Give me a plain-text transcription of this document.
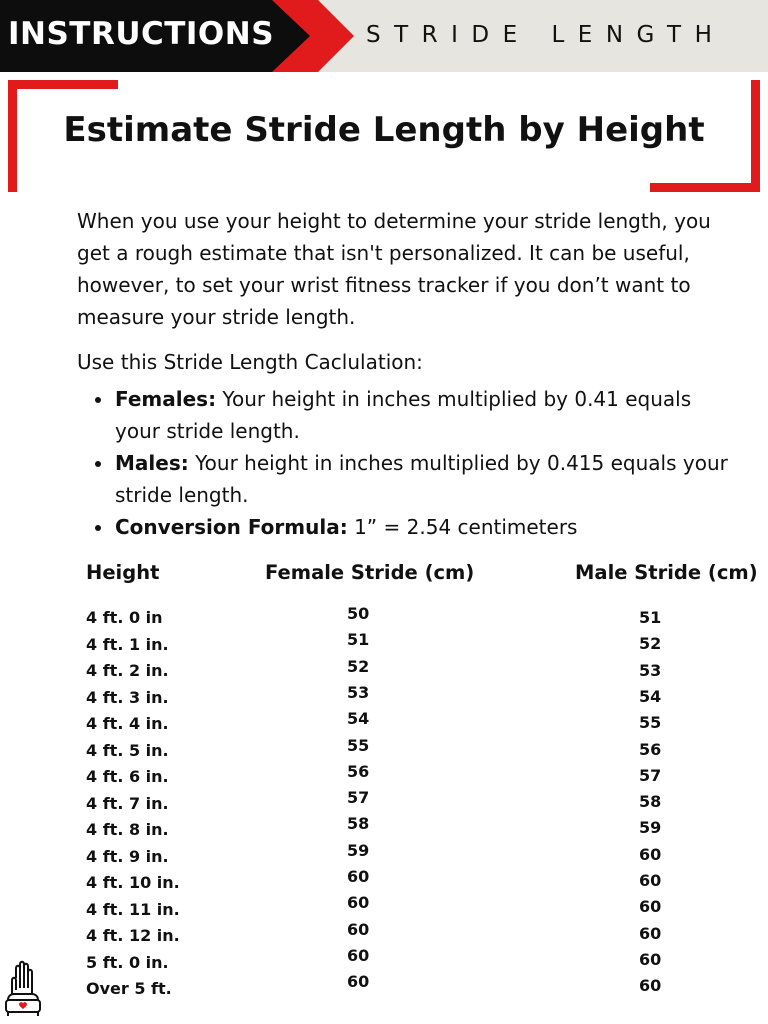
INSTRUCTIONS	STRIDE LENGTH
Estimate Stride Length by Height
When you use your height to determine your stride length, you get a rough estimate that isn't personalized. It can be useful, however, to set your wrist fitness tracker if you don’t want to measure your stride length.
Use this Stride Length Caclulation:
Females: Your height in inches multiplied by 0.41 equals your stride length.
Males: Your height in inches multiplied by 0.415 equals your stride length.
Conversion Formula: 1” = 2.54 centimeters
Height	Female Stride (cm)	Male Stride (cm)
4 ft. 0 in	50	51
4 ft. 1 in.	51	52
4 ft. 2 in.	52	53
4 ft. 3 in.	53	54
4 ft. 4 in.	54	55
4 ft. 5 in.	55	56
4 ft. 6 in.	56	57
4 ft. 7 in.	57	58
4 ft. 8 in.	58	59
4 ft. 9 in.	59	60
4 ft. 10 in.	60	60
4 ft. 11 in.	60	60
4 ft. 12 in.	60	60
5 ft. 0 in.	60	60
Over 5 ft.	60	60
